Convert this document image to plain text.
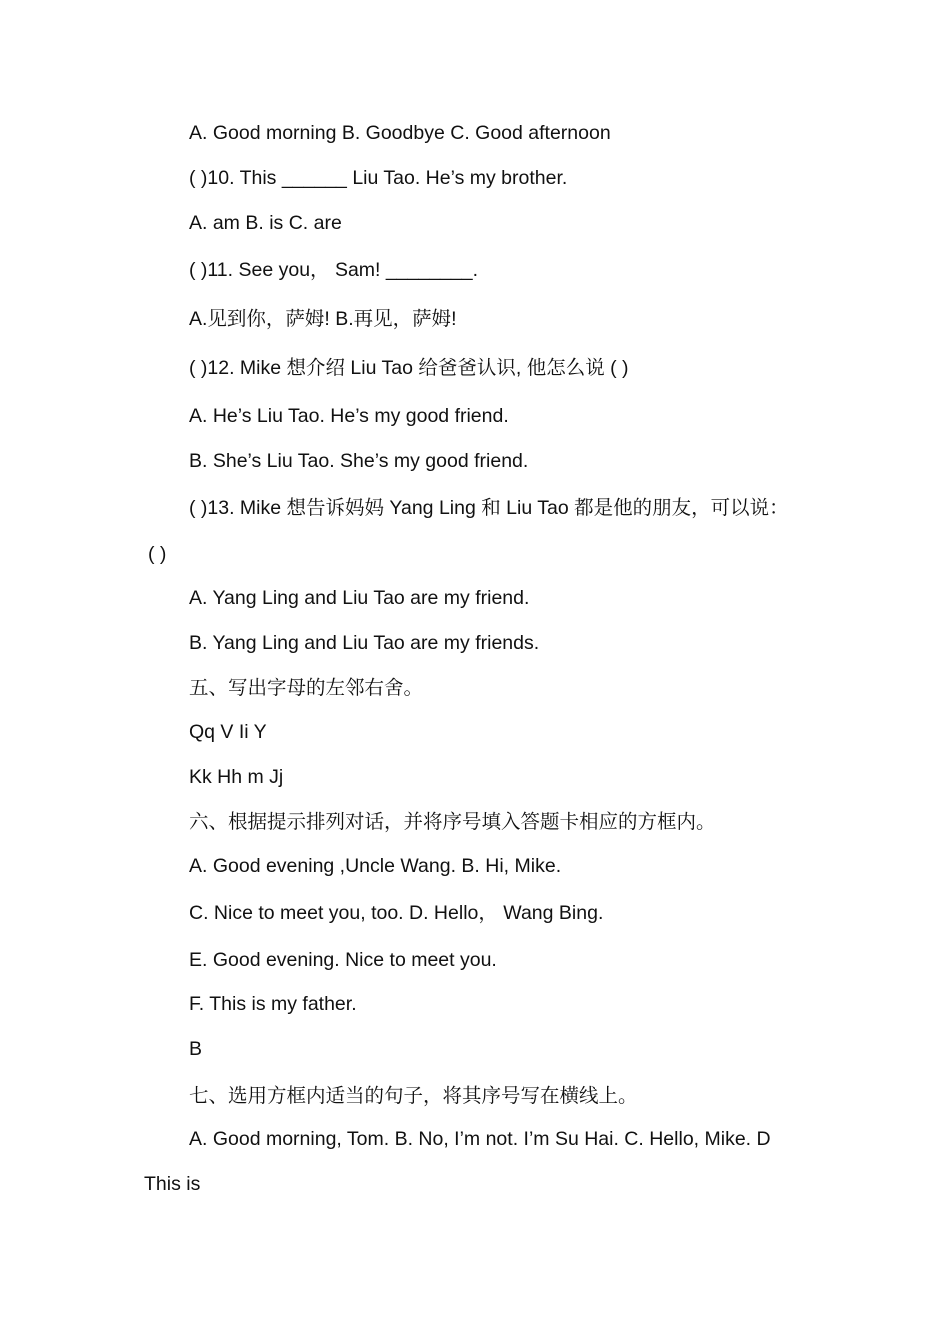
A. Good morning B. Goodbye C. Good afternoon
( )10. This ______ Liu Tao. He’s my brother.
A. am B. is C. are
( )11. See you， Sam! ________.
A.见到你，萨姆! B.再见，萨姆!
( )12. Mike 想介绍 Liu Tao 给爸爸认识, 他怎么说 ( )
A. He’s Liu Tao. He’s my good friend.
B. She’s Liu Tao. She’s my good friend.
( )13. Mike 想告诉妈妈 Yang Ling 和 Liu Tao 都是他的朋友，可以说：
( )
A. Yang Ling and Liu Tao are my friend.
B. Yang Ling and Liu Tao are my friends.
五、写出字母的左邻右舍。
Qq V Ii Y
Kk Hh m Jj
六、根据提示排列对话，并将序号填入答题卡相应的方框内。
A. Good evening ,Uncle Wang. B. Hi, Mike.
C. Nice to meet you, too. D. Hello， Wang Bing.
E. Good evening. Nice to meet you.
F. This is my father.
B
七、选用方框内适当的句子，将其序号写在横线上。
A. Good morning, Tom. B. No, I’m not. I’m Su Hai. C. Hello, Mike. D
This is
